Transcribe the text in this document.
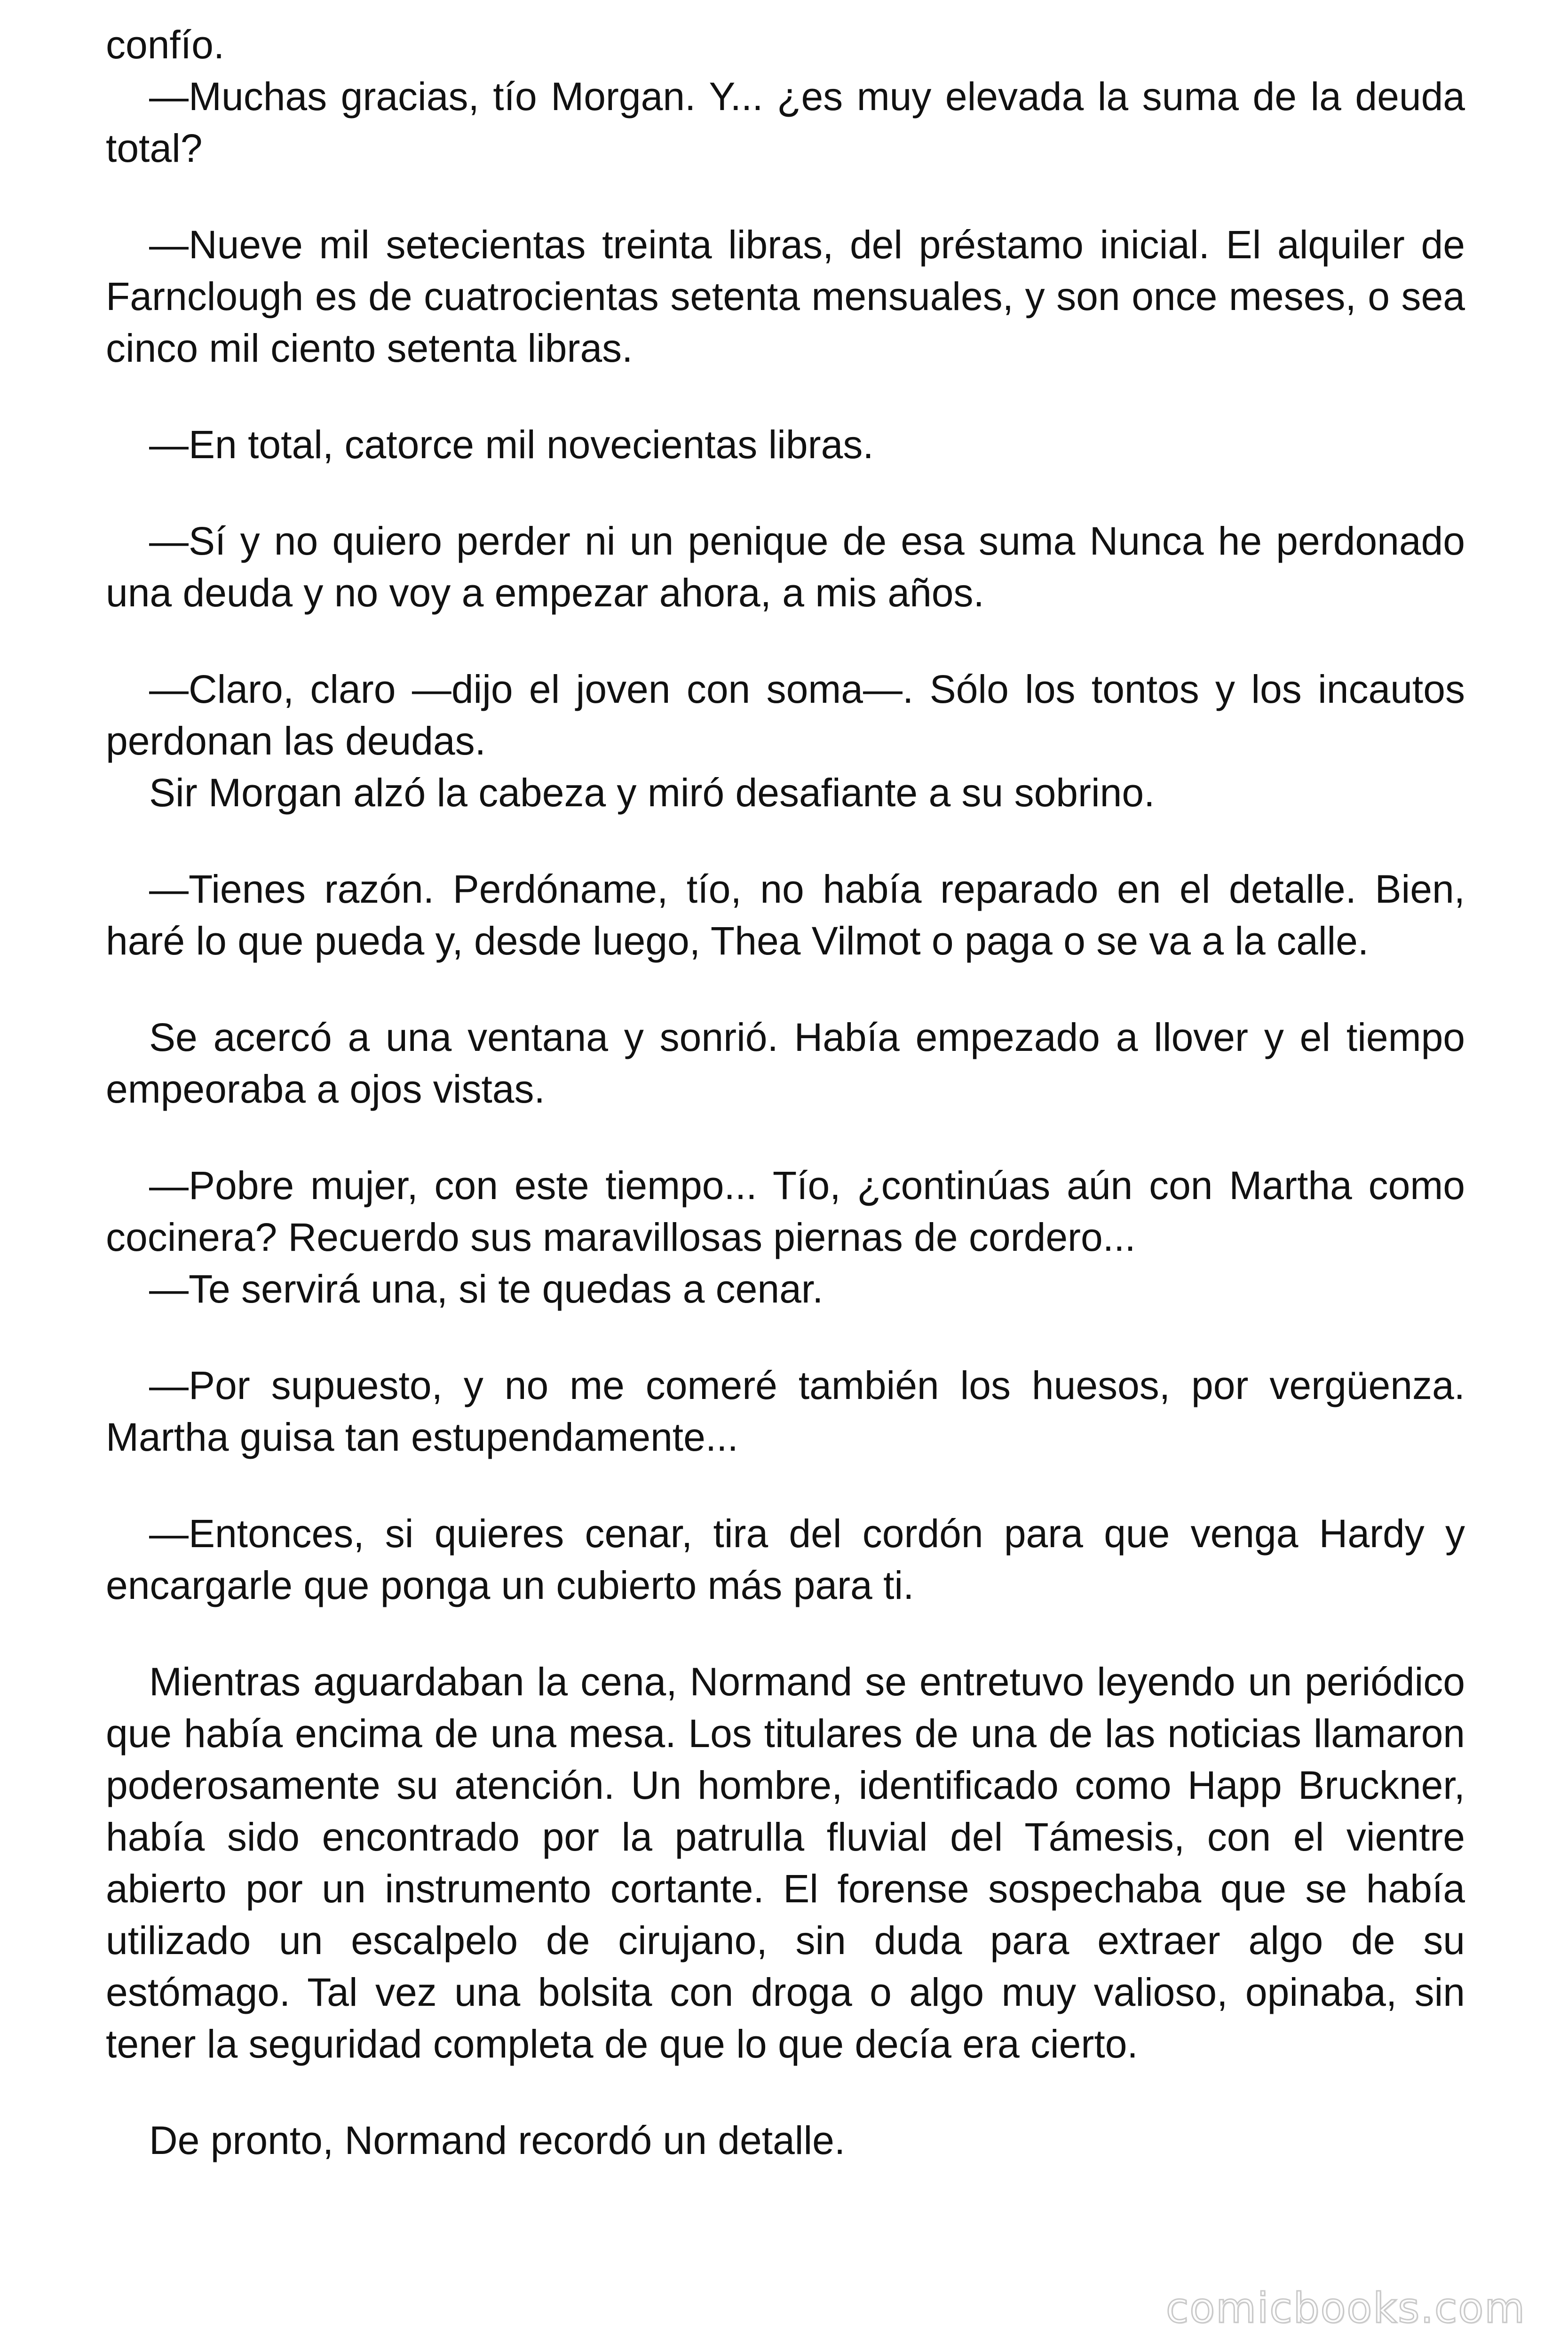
confío.

—Muchas gracias, tío Morgan. Y... ¿es muy elevada la suma de la deuda total?

—Nueve mil setecientas treinta libras, del préstamo inicial. El alquiler de Farnclough es de cuatrocientas setenta mensuales, y son once meses, o sea cinco mil ciento setenta libras.

—En total, catorce mil novecientas libras.

—Sí y no quiero perder ni un penique de esa suma Nunca he perdonado una deuda y no voy a empezar ahora, a mis años.

—Claro, claro —dijo el joven con soma—. Sólo los tontos y los incautos perdonan las deudas.

Sir Morgan alzó la cabeza y miró desafiante a su sobrino.

—Tienes razón. Perdóname, tío, no había reparado en el detalle. Bien, haré lo que pueda y, desde luego, Thea Vilmot o paga o se va a la calle.

Se acercó a una ventana y sonrió. Había empezado a llover y el tiempo empeoraba a ojos vistas.

—Pobre mujer, con este tiempo... Tío, ¿continúas aún con Martha como cocinera? Recuerdo sus maravillosas piernas de cordero...

—Te servirá una, si te quedas a cenar.

—Por supuesto, y no me comeré también los huesos, por vergüenza. Martha guisa tan estupendamente...

—Entonces, si quieres cenar, tira del cordón para que venga Hardy y encargarle que ponga un cubierto más para ti.

Mientras aguardaban la cena, Normand se entretuvo leyendo un periódico que había encima de una mesa. Los titulares de una de las noticias llamaron poderosamente su atención. Un hombre, identificado como Happ Bruckner, había sido encontrado por la patrulla fluvial del Támesis, con el vientre abierto por un instrumento cortante. El forense sospechaba que se había utilizado un escalpelo de cirujano, sin duda para extraer algo de su estómago. Tal vez una bolsita con droga o algo muy valioso, opinaba, sin tener la seguridad completa de que lo que decía era cierto.

De pronto, Normand recordó un detalle.

comicbooks.com
